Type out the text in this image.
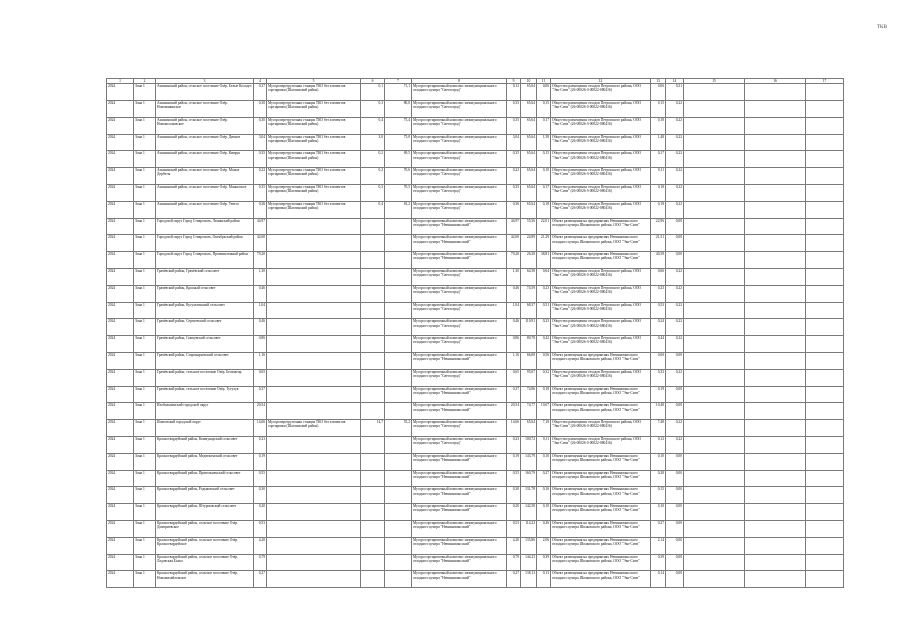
TKB
1	2	3	4	5	6	7	8	9	10	11	12	13	14	15	16	17
2024	Зона 1	Ашанинский район, сельское поселение Озёр. Белые Колодез	0,37	Мусороперегрузочная станция ТКО без элементов сортировки (Шахтинский район)	0,1	71,1	Мусоросортировочный комплекс межмуниципального отходного центра "Светлоград"	0,12	65,64	0,06	Общество размещения отходов Петровского района, ООО "Эко-Сити" (26-00026-З-00022-080416)	0,06	0,31			
2024	Зона 1	Ашанинский район, сельское поселение Озёр. Новоманинское	0,30	Мусороперегрузочная станция ТКО без элементов сортировки (Шахтинский район)	0,3	80,0	Мусоросортировочный комплекс межмуниципального отходного центра "Светлоград"	0,35	65,64	0,15	Общество размещения отходов Петровского района, ООО "Эко-Сити" (26-00026-З-00022-080416)	0,15	0,22			
2024	Зона 1	Ашанинский район, сельское поселение Озёр. Новоколоновское	0,30	Мусороперегрузочная станция ТКО без элементов сортировки (Шахтинский район)	0,4	75,4	Мусоросортировочный комплекс межмуниципального отходного центра "Светлоград"	0,35	65,64	0,17	Общество размещения отходов Петровского района, ООО "Эко-Сити" (26-00026-З-00022-080416)	0,18	0,22			
2024	Зона 1	Ашанинский район, сельское поселение Озёр. Дивное	3,04	Мусороперегрузочная станция ТКО без элементов сортировки (Шахтинский район)	3,0	75,0	Мусоросортировочный комплекс межмуниципального отходного центра "Светлоград"	3,04	65,64	1,58	Общество размещения отходов Петровского района, ООО "Эко-Сити" (26-00026-З-00022-080416)	1,48	0,22			
2024	Зона 1	Ашанинский район, сельское поселение Озёр. Киврук	0,35	Мусороперегрузочная станция ТКО без элементов сортировки (Шахтинский район)	0,2	69,5	Мусоросортировочный комплекс межмуниципального отходного центра "Светлоград"	0,35	65,64	0,15	Общество размещения отходов Петровского района, ООО "Эко-Сити" (26-00026-З-00022-080416)	0,17	0,22			
2024	Зона 1	Ашанинский район, сельское поселение Озёр. Малые Дербеты	0,22	Мусороперегрузочная станция ТКО без элементов сортировки (Шахтинский район)	0,2	70,6	Мусоросортировочный комплекс межмуниципального отходного центра "Светлоград"	0,22	65,64	0,10	Общество размещения отходов Петровского района, ООО "Эко-Сити" (26-00026-З-00022-080416)	0,11	0,22			
2024	Зона 1	Ашанинский район, сельское поселение Озёр. Манычское	0,35	Мусороперегрузочная станция ТКО без элементов сортировки (Шахтинский район)	0,3	70,5	Мусоросортировочный комплекс межмуниципального отходного центра "Светлоград"	0,35	65,64	0,17	Общество размещения отходов Петровского района, ООО "Эко-Сити" (26-00026-З-00022-080416)	0,18	0,22			
2024	Зона 1	Ашанинский район, сельское поселение Озёр. Уючта	0,36	Мусороперегрузочная станция ТКО без элементов сортировки (Шахтинский район)	0,4	81,2	Мусоросортировочный комплекс межмуниципального отходного центра "Светлоград"	0,36	65,64	0,18	Общество размещения отходов Петровского района, ООО "Эко-Сити" (26-00026-З-00022-080416)	0,18	0,22			
2024	Зона 1	Городской округ Город Ставрополь, Ленинский район	44,97				Мусоросортировочный комплекс межмуниципального отходного центра "Невинномысский"	44,97	55,56	22,01	Объект размещения на предприятиях Невинномысского отходного центра Шпаковского района, ООО "Эко-Сити"	22,96	0,00			
2024	Зона 1	Городской округ Город Ставрополь, Октябрьский район	42,60				Мусоросортировочный комплекс межмуниципального отходного центра "Невинномысский"	42,60	24,89	21,29	Объект размещения на предприятиях Невинномысского отходного центра Шпаковского района, ООО "Эко-Сити"	21,31	0,00			
2024	Зона 1	Городской округ Город Ставрополь, Промышленный район	79,20				Мусоросортировочный комплекс межмуниципального отходного центра "Невинномысский"	79,20	26,30	38,81	Объект размещения на предприятиях Невинномысского отходного центра Шпаковского района, ООО "Эко-Сити"	40,39	0,00			
2024	Зона 1	Грачёвский район, Грачёвский сельсовет	1,30				Мусоросортировочный комплекс межмуниципального отходного центра "Светлоград"	1,30	64,58	0,64	Общество размещения отходов Петровского района, ООО "Эко-Сити" (26-00026-З-00022-080416)	0,66	0,22			
2024	Зона 1	Грачёвский район, Красный сельсовет	0,46				Мусоросортировочный комплекс межмуниципального отходного центра "Светлоград"	0,46	74,59	0,23	Общество размещения отходов Петровского района, ООО "Эко-Сити" (26-00026-З-00022-080416)	0,23	0,22			
2024	Зона 1	Грачёвский район, Кугультинский сельсовет	1,04				Мусоросортировочный комплекс межмуниципального отходного центра "Светлоград"	1,04	68,37	0,51	Общество размещения отходов Петровского района, ООО "Эко-Сити" (26-00026-З-00022-080416)	0,53	0,22			
2024	Зона 1	Грачёвский район, Сергиевский сельсовет	0,46				Мусоросортировочный комплекс межмуниципального отходного центра "Светлоград"	0,46	110,91	0,23	Общество размещения отходов Петровского района, ООО "Эко-Сити" (26-00026-З-00022-080416)	0,24	0,22			
2024	Зона 1	Грачёвский район, Спицевский сельсовет	0,86				Мусоросортировочный комплекс межмуниципального отходного центра "Светлоград"	0,86	80,78	0,42	Общество размещения отходов Петровского района, ООО "Эко-Сити" (26-00026-З-00022-080416)	0,44	0,22			
2024	Зона 1	Грачёвский район, Старомарьевский сельсовет	1,16				Мусоросортировочный комплекс межмуниципального отходного центра "Невинномысский"	1,16	66,08	0,56	Объект размещения на предприятиях Невинномысского отходного центра Шпаковского района, ООО "Эко-Сити"	0,60	0,00			
2024	Зона 1	Грачёвский район, сельское поселение Озёр. Бешпагир	0,65				Мусоросортировочный комплекс межмуниципального отходного центра "Светлоград"	0,65	95,07	0,32	Общество размещения отходов Петровского района, ООО "Эко-Сити" (26-00026-З-00022-080416)	0,33	0,22			
2024	Зона 1	Грачёвский район, сельское поселение Озёр. Тугулук	0,37				Мусоросортировочный комплекс межмуниципального отходного центра "Невинномысский"	0,37	74,86	0,18	Объект размещения на предприятиях Невинномысского отходного центра Шпаковского района, ООО "Эко-Сити"	0,19	0,00			
2024	Зона 1	Изобильненский городской округ	20,54				Мусоросортировочный комплекс межмуниципального отходного центра "Невинномысский"	20,54	74,77	10,07	Объект размещения на предприятиях Невинномысского отходного центра Шпаковского района, ООО "Эко-Сити"	10,48	0,00			
2024	Зона 1	Ипатовский городской округ	14,66	Мусороперегрузочная станция ТКО без элементов сортировки (Шахтинский район)	14,7	55,2	Мусоросортировочный комплекс межмуниципального отходного центра "Светлоград"	14,66	65,64	7,18	Общество размещения отходов Петровского района, ООО "Эко-Сити" (26-00026-З-00022-080416)	7,48	0,22			
2024	Зона 1	Красногвардейский район, Коммунарский сельсовет	0,23				Мусоросортировочный комплекс межмуниципального отходного центра "Светлоград"	0,23	100,72	0,11	Общество размещения отходов Петровского района, ООО "Эко-Сити" (26-00026-З-00022-080416)	0,12	0,22			
2024	Зона 1	Красногвардейский район, Медвеженский сельсовет	0,19				Мусоросортировочный комплекс межмуниципального отходного центра "Невинномысский"	0,19	143,79	0,10	Объект размещения на предприятиях Невинномысского отходного центра Шпаковского района, ООО "Эко-Сити"	0,10	0,00			
2024	Зона 1	Красногвардейский район, Привольненский сельсовет	0,55				Мусоросортировочный комплекс межмуниципального отходного центра "Невинномысский"	0,55	160,79	0,27	Объект размещения на предприятиях Невинномысского отходного центра Шпаковского района, ООО "Эко-Сити"	0,28	0,00			
2024	Зона 1	Красногвардейский район, Родыковский сельсовет	0,30				Мусоросортировочный комплекс межмуниципального отходного центра "Невинномысский"	0,30	131,78	0,16	Объект размещения на предприятиях Невинномысского отходного центра Шпаковского района, ООО "Эко-Сити"	0,15	0,00			
2024	Зона 1	Красногвардейский район, Штурмовский сельсовет	0,20				Мусоросортировочный комплекс межмуниципального отходного центра "Невинномысский"	0,20	142,58	0,10	Объект размещения на предприятиях Невинномысского отходного центра Шпаковского района, ООО "Эко-Сити"	0,10	0,00			
2024	Зона 1	Красногвардейский район, сельское поселение Озёр. Дмитриевское	0,53				Мусоросортировочный комплекс межмуниципального отходного центра "Невинномысский"	0,53	114,22	0,26	Объект размещения на предприятиях Невинномысского отходного центра Шпаковского района, ООО "Эко-Сити"	0,27	0,00			
2024	Зона 1	Красногвардейский район, сельское поселение Озёр. Красногвардейское	4,20				Мусоросортировочный комплекс межмуниципального отходного центра "Невинномысский"	4,20	135,86	2,06	Объект размещения на предприятиях Невинномысского отходного центра Шпаковского района, ООО "Эко-Сити"	2,14	0,00			
2024	Зона 1	Красногвардейский район, сельское поселение Озёр. Ладовская Балка	0,79				Мусоросортировочный комплекс межмуниципального отходного центра "Невинномысский"	0,79	144,23	0,39	Объект размещения на предприятиях Невинномысского отходного центра Шпаковского района, ООО "Эко-Сити"	0,39	0,00			
2024	Зона 1	Красногвардейский район, сельское поселение Озёр. Новомихайловское	0,27				Мусоросортировочный комплекс межмуниципального отходного центра "Невинномысский"	0,27	138,13	0,13	Объект размещения на предприятиях Невинномысского отходного центра Шпаковского района, ООО "Эко-Сити"	0,14	0,00			
